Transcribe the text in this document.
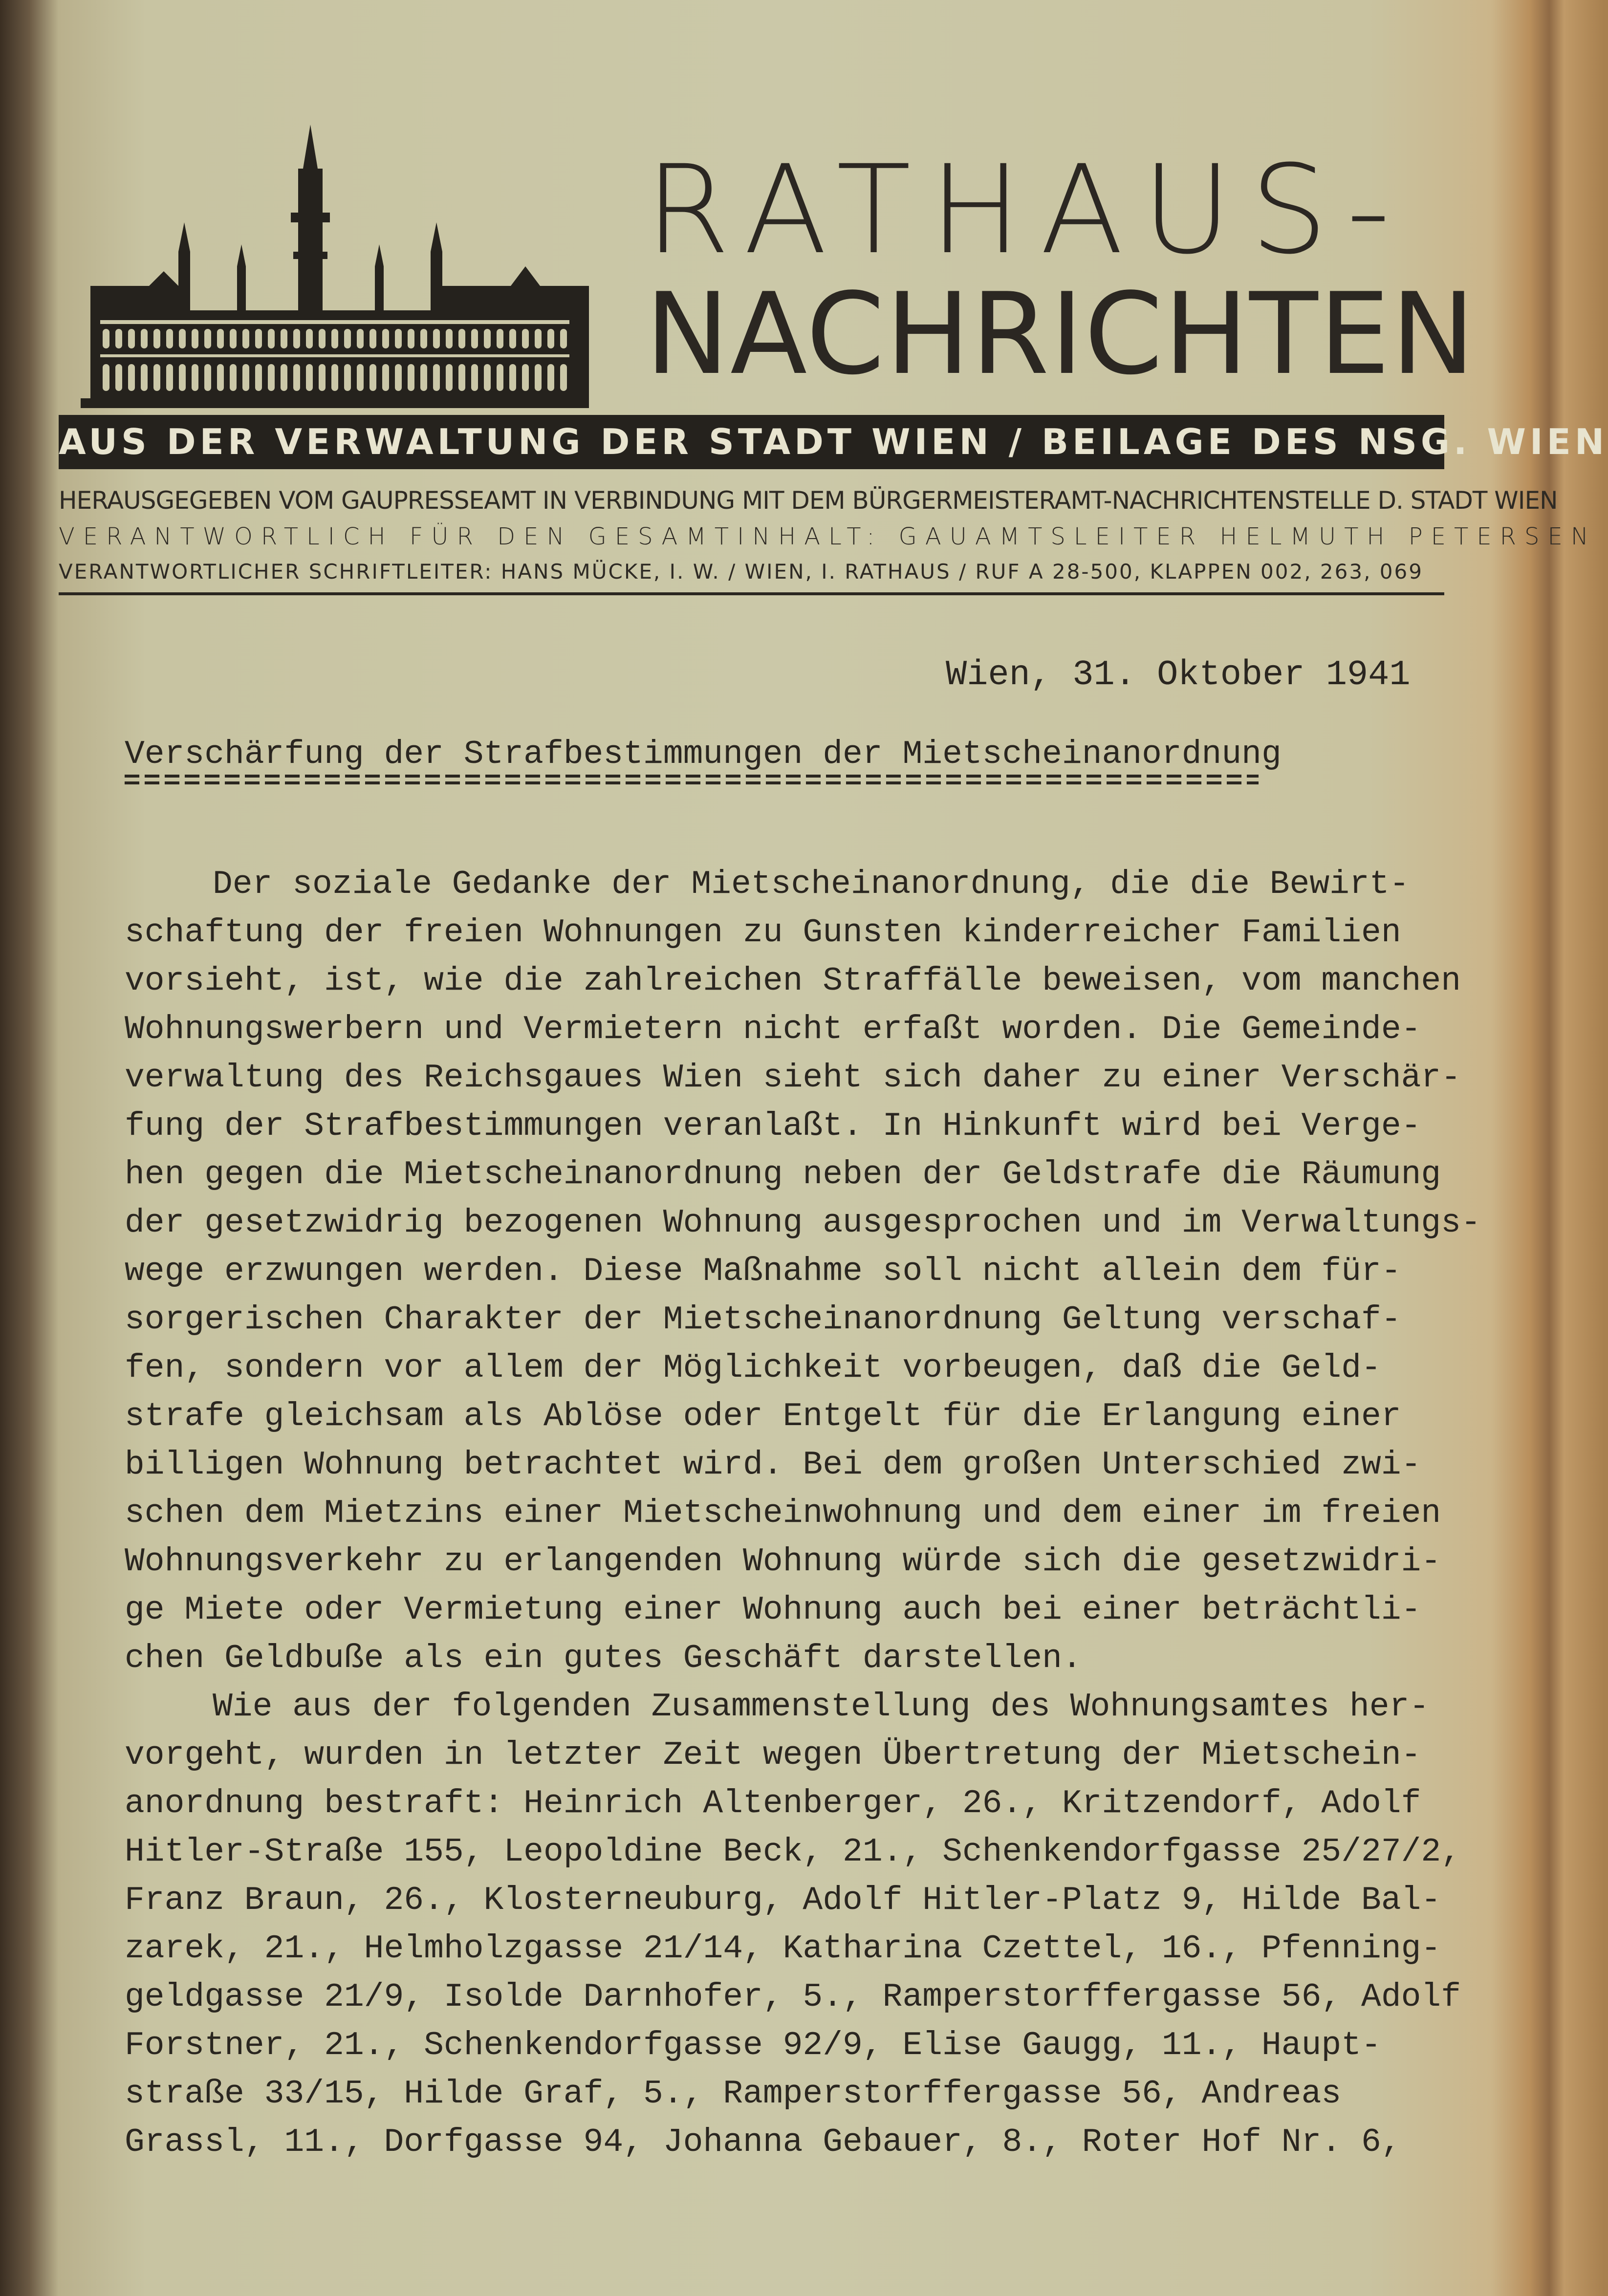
RATHAUS-
NACHRICHTEN
AUS DER VERWALTUNG DER STADT WIEN / BEILAGE DES NSG. WIEN
HERAUSGEGEBEN VOM GAUPRESSEAMT IN VERBINDUNG MIT DEM BÜRGERMEISTERAMT-NACHRICHTENSTELLE D. STADT WIEN
VERANTWORTLICH FÜR DEN GESAMTINHALT: GAUAMTSLEITER HELMUTH PETERSEN
VERANTWORTLICHER SCHRIFTLEITER: HANS MÜCKE, I. W. / WIEN, I. RATHAUS / RUF A 28-500, KLAPPEN 002, 263, 069
Wien, 31. Oktober 1941
Verschärfung der Strafbestimmungen der Mietscheinanordnung
Der soziale Gedanke der Mietscheinanordnung, die die Bewirt-
schaftung der freien Wohnungen zu Gunsten kinderreicher Familien
vorsieht, ist, wie die zahlreichen Straffälle beweisen, vom manchen
Wohnungswerbern und Vermietern nicht erfaßt worden. Die Gemeinde-
verwaltung des Reichsgaues Wien sieht sich daher zu einer Verschär-
fung der Strafbestimmungen veranlaßt. In Hinkunft wird bei Verge-
hen gegen die Mietscheinanordnung neben der Geldstrafe die Räumung
der gesetzwidrig bezogenen Wohnung ausgesprochen und im Verwaltungs-
wege erzwungen werden. Diese Maßnahme soll nicht allein dem für-
sorgerischen Charakter der Mietscheinanordnung Geltung verschaf-
fen, sondern vor allem der Möglichkeit vorbeugen, daß die Geld-
strafe gleichsam als Ablöse oder Entgelt für die Erlangung einer
billigen Wohnung betrachtet wird. Bei dem großen Unterschied zwi-
schen dem Mietzins einer Mietscheinwohnung und dem einer im freien
Wohnungsverkehr zu erlangenden Wohnung würde sich die gesetzwidri-
ge Miete oder Vermietung einer Wohnung auch bei einer beträchtli-
chen Geldbuße als ein gutes Geschäft darstellen.
Wie aus der folgenden Zusammenstellung des Wohnungsamtes her-
vorgeht, wurden in letzter Zeit wegen Übertretung der Mietschein-
anordnung bestraft: Heinrich Altenberger, 26., Kritzendorf, Adolf
Hitler-Straße 155, Leopoldine Beck, 21., Schenkendorfgasse 25/27/2,
Franz Braun, 26., Klosterneuburg, Adolf Hitler-Platz 9, Hilde Bal-
zarek, 21., Helmholzgasse 21/14, Katharina Czettel, 16., Pfenning-
geldgasse 21/9, Isolde Darnhofer, 5., Ramperstorffergasse 56, Adolf
Forstner, 21., Schenkendorfgasse 92/9, Elise Gaugg, 11., Haupt-
straße 33/15, Hilde Graf, 5., Ramperstorffergasse 56, Andreas
Grassl, 11., Dorfgasse 94, Johanna Gebauer, 8., Roter Hof Nr. 6,
